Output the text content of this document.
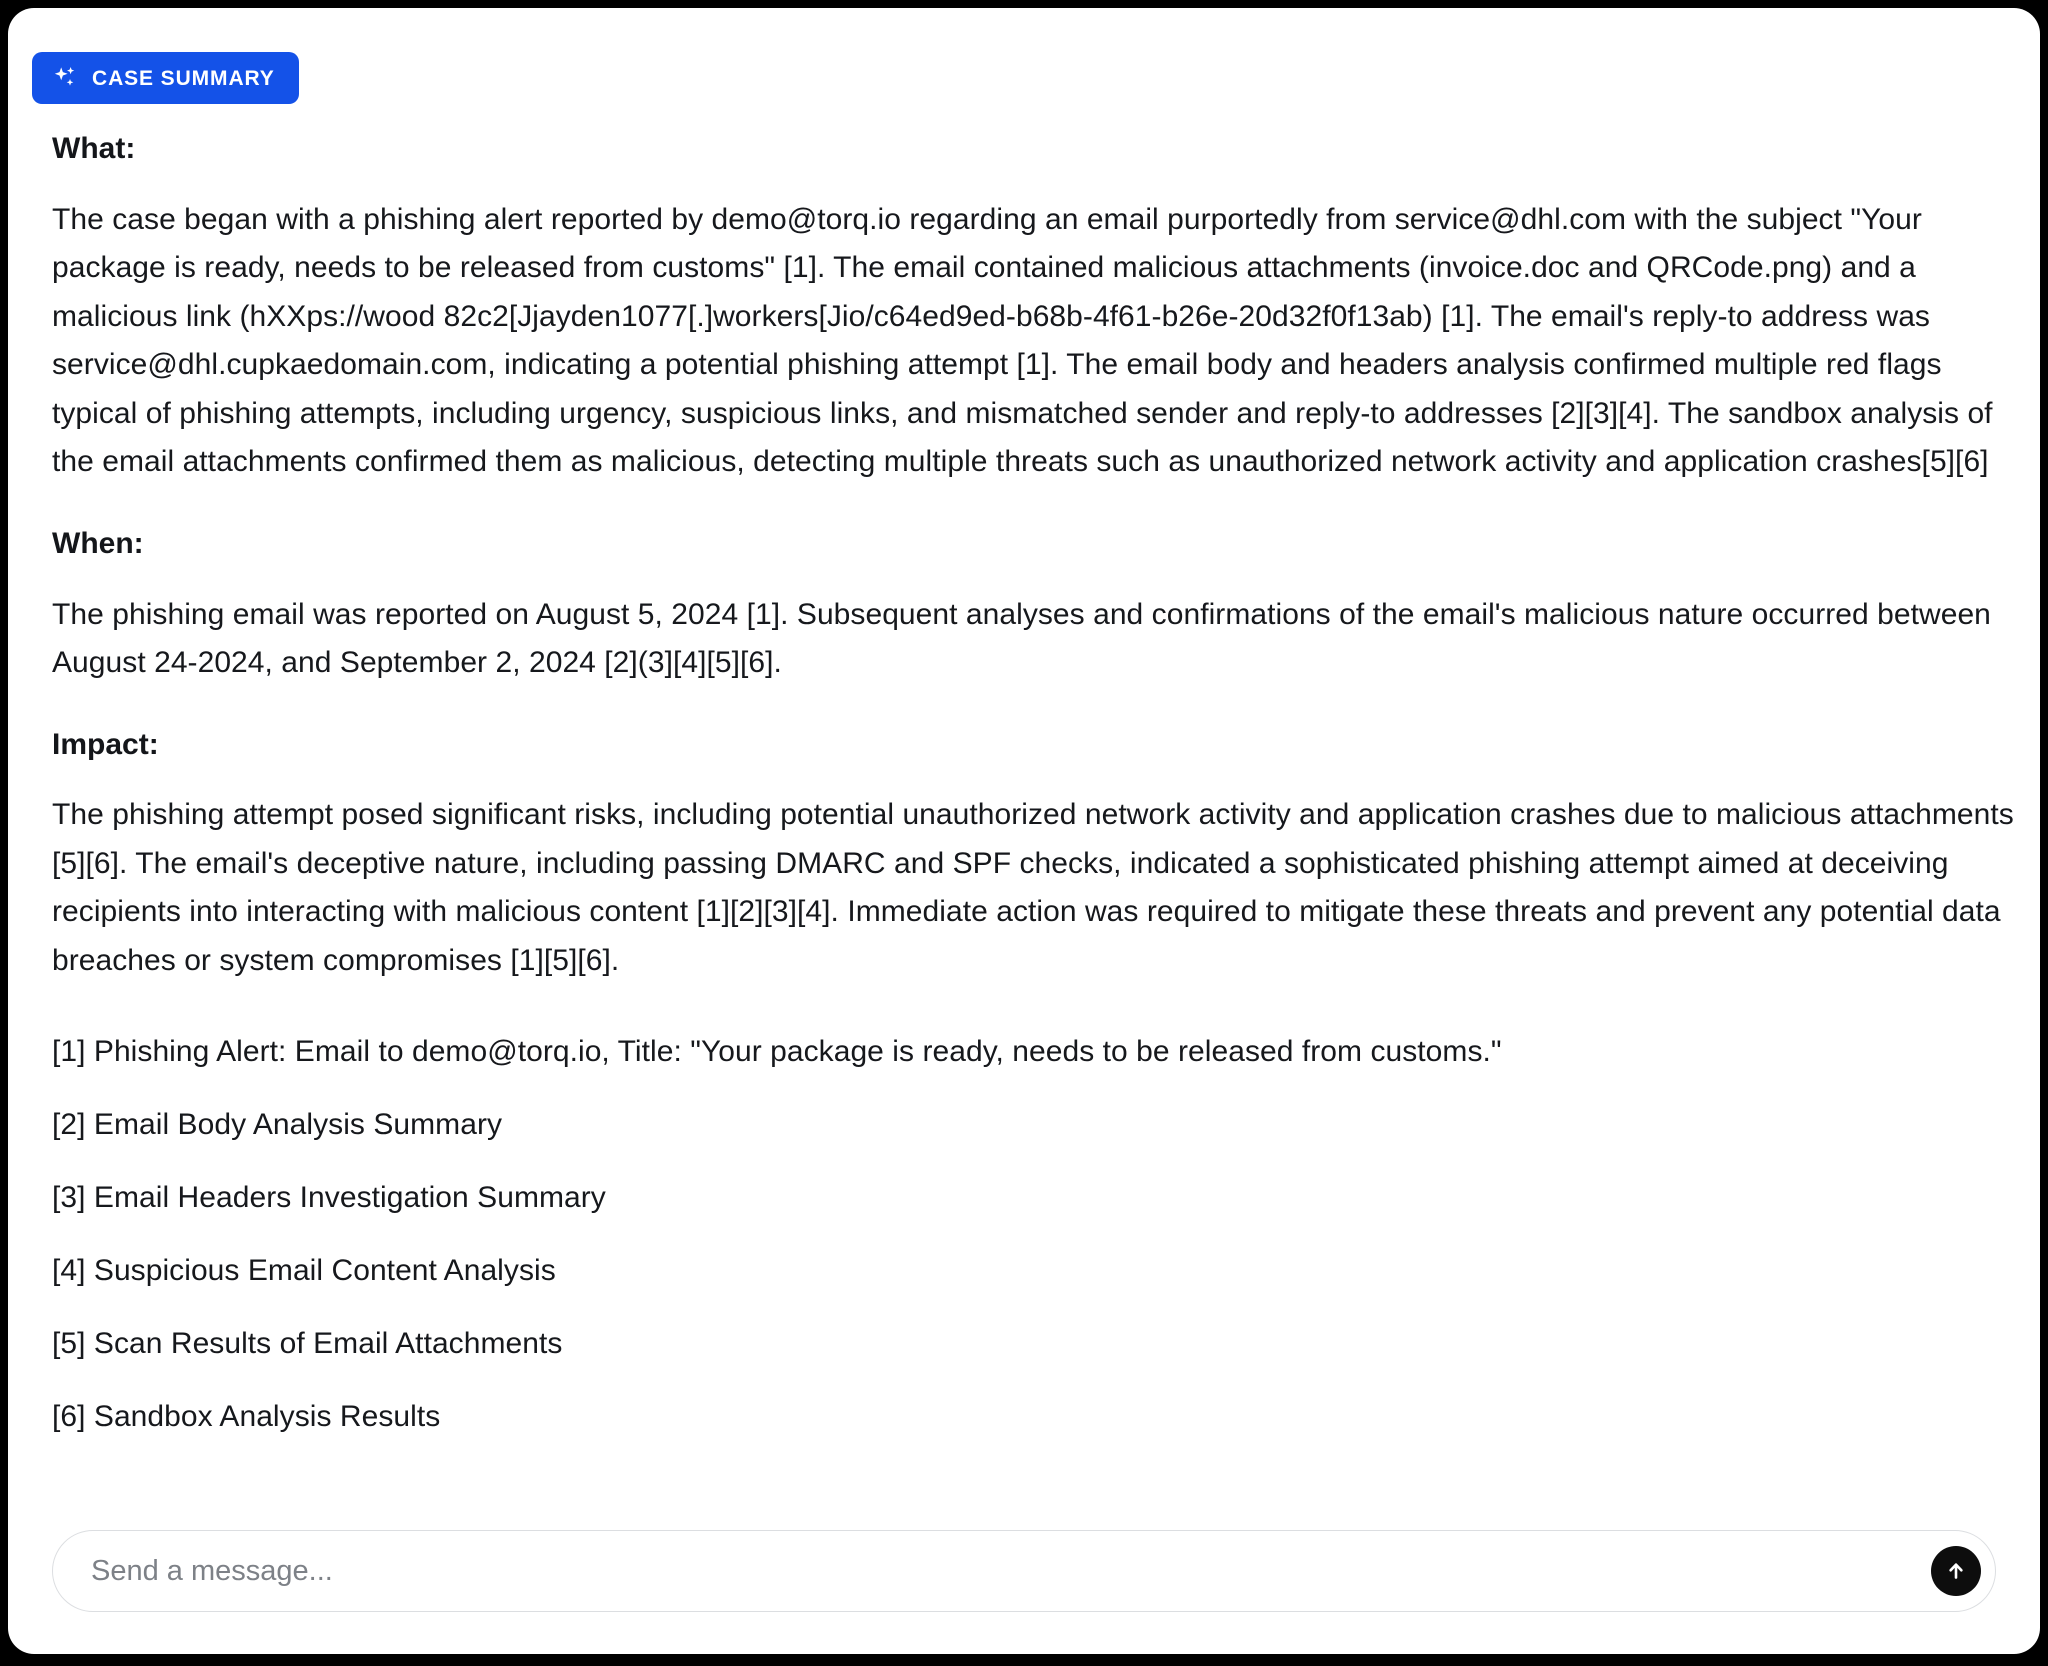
CASE SUMMARY
What:

The case began with a phishing alert reported by demo@torq.io regarding an email purportedly from service@dhl.com with the subject "Your package is ready, needs to be released from customs" [1]. The email contained malicious attachments (invoice.doc and QRCode.png) and a malicious link (hXXps://wood 82c2[Jjayden1077[.]workers[Jio/c64ed9ed-b68b-4f61-b26e-20d32f0f13ab) [1]. The email's reply-to address was service@dhl.cupkaedomain.com, indicating a potential phishing attempt [1]. The email body and headers analysis confirmed multiple red flags typical of phishing attempts, including urgency, suspicious links, and mismatched sender and reply-to addresses [2][3][4]. The sandbox analysis of the email attachments confirmed them as malicious, detecting multiple threats such as unauthorized network activity and application crashes[5][6]

When:

The phishing email was reported on August 5, 2024 [1]. Subsequent analyses and confirmations of the email's malicious nature occurred between August 24-2024, and September 2, 2024 [2](3][4][5][6].

Impact:

The phishing attempt posed significant risks, including potential unauthorized network activity and application crashes due to malicious attachments [5][6]. The email's deceptive nature, including passing DMARC and SPF checks, indicated a sophisticated phishing attempt aimed at deceiving recipients into interacting with malicious content [1][2][3][4]. Immediate action was required to mitigate these threats and prevent any potential data breaches or system compromises [1][5][6].

[1] Phishing Alert: Email to demo@torq.io, Title: "Your package is ready, needs to be released from customs."

[2] Email Body Analysis Summary

[3] Email Headers Investigation Summary

[4] Suspicious Email Content Analysis

[5] Scan Results of Email Attachments

[6] Sandbox Analysis Results

Send a message...
